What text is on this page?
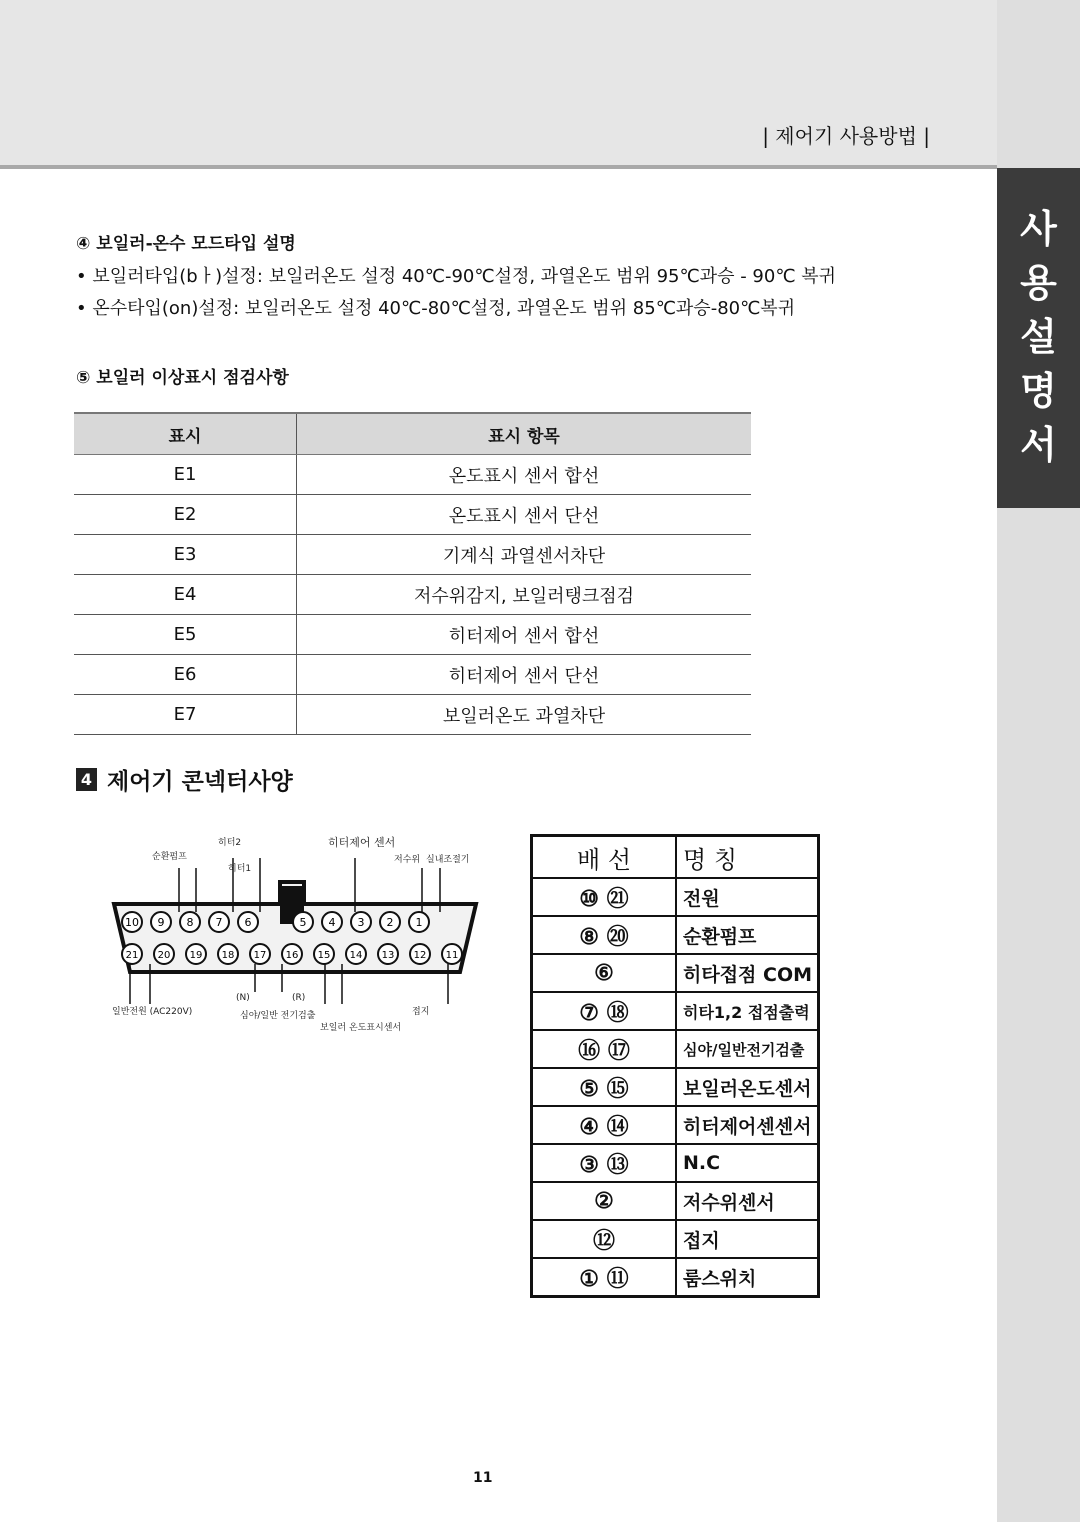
사
용
설
명
서
| 제어기 사용방법 |
④ 보일러-온수 모드타입 설명
• 보일러타입(bㅏ)설정: 보일러온도 설정 40℃-90℃설정, 과열온도 범위 95℃과승 - 90℃ 복귀
• 온수타입(on)설정: 보일러온도 설정 40℃-80℃설정, 과열온도 범위 85℃과승-80℃복귀
⑤ 보일러 이상표시 점검사항
표시	표시 항목
E1	온도표시 센서 합선
E2	온도표시 센서 단선
E3	기계식 과열센서차단
E4	저수위감지, 보일러탱크점검
E5	히터제어 센서 합선
E6	히터제어 센서 단선
E7	보일러온도 과열차단
4 제어기 콘넥터사양
순환펌프
히터2
히터1
히터제어 센서
저수위 실내조절기
일반전원 (AC220V)
(N)	(R)
심야/일반 전기검출
보일러 온도표시센서
접지
10 9 8 7 6	5 4 3 2 1
21 20 19 18 17 16 15 14 13 12 11
배 선	명 칭
⑩ ㉑	전원
⑧ ⑳	순환펌프
⑥	히타접점 COM
⑦ ⑱	히타1,2 접점출력
⑯ ⑰	심야/일반전기검출
⑤ ⑮	보일러온도센서
④ ⑭	히터제어센센서
③ ⑬	N.C
②	저수위센서
⑫	접지
① ⑪	룸스위치
11
